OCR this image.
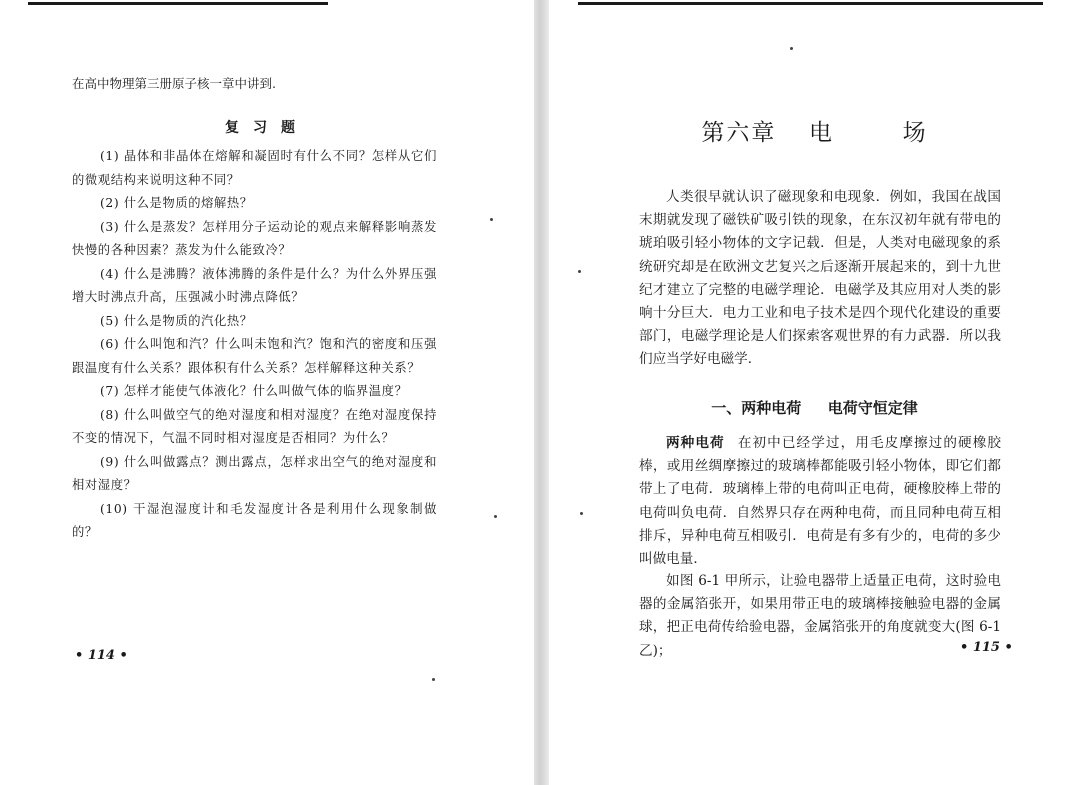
在高中物理第三册原子核一章中讲到.
复习题

(1) 晶体和非晶体在熔解和凝固时有什么不同？怎样从它们的微观结构来说明这种不同？

(2) 什么是物质的熔解热？

(3) 什么是蒸发？怎样用分子运动论的观点来解释影响蒸发快慢的各种因素？蒸发为什么能致冷？

(4) 什么是沸腾？液体沸腾的条件是什么？为什么外界压强增大时沸点升高，压强减小时沸点降低？

(5) 什么是物质的汽化热？

(6) 什么叫饱和汽？什么叫未饱和汽？饱和汽的密度和压强跟温度有什么关系？跟体积有什么关系？怎样解释这种关系？

(7) 怎样才能使气体液化？什么叫做气体的临界温度？

(8) 什么叫做空气的绝对湿度和相对湿度？在绝对湿度保持不变的情况下，气温不同时相对湿度是否相同？为什么？

(9) 什么叫做露点？测出露点，怎样求出空气的绝对湿度和相对湿度？

(10) 干湿泡湿度计和毛发湿度计各是利用什么现象制做的？

• 114 •
第六章 电	场

人类很早就认识了磁现象和电现象．例如，我国在战国末期就发现了磁铁矿吸引铁的现象，在东汉初年就有带电的琥珀吸引轻小物体的文字记载．但是，人类对电磁现象的系统研究却是在欧洲文艺复兴之后逐渐开展起来的，到十九世纪才建立了完整的电磁学理论．电磁学及其应用对人类的影响十分巨大．电力工业和电子技术是四个现代化建设的重要部门，电磁学理论是人们探索客观世界的有力武器．所以我们应当学好电磁学．

一、两种电荷 电荷守恒定律

两种电荷 在初中已经学过，用毛皮摩擦过的硬橡胶棒，或用丝绸摩擦过的玻璃棒都能吸引轻小物体，即它们都带上了电荷．玻璃棒上带的电荷叫正电荷，硬橡胶棒上带的电荷叫负电荷．自然界只存在两种电荷，而且同种电荷互相排斥，异种电荷互相吸引．电荷是有多有少的，电荷的多少叫做电量．

如图 6-1 甲所示，让验电器带上适量正电荷，这时验电器的金属箔张开，如果用带正电的玻璃棒接触验电器的金属球，把正电荷传给验电器，金属箔张开的角度就变大(图 6-1乙)；	• 115 •
